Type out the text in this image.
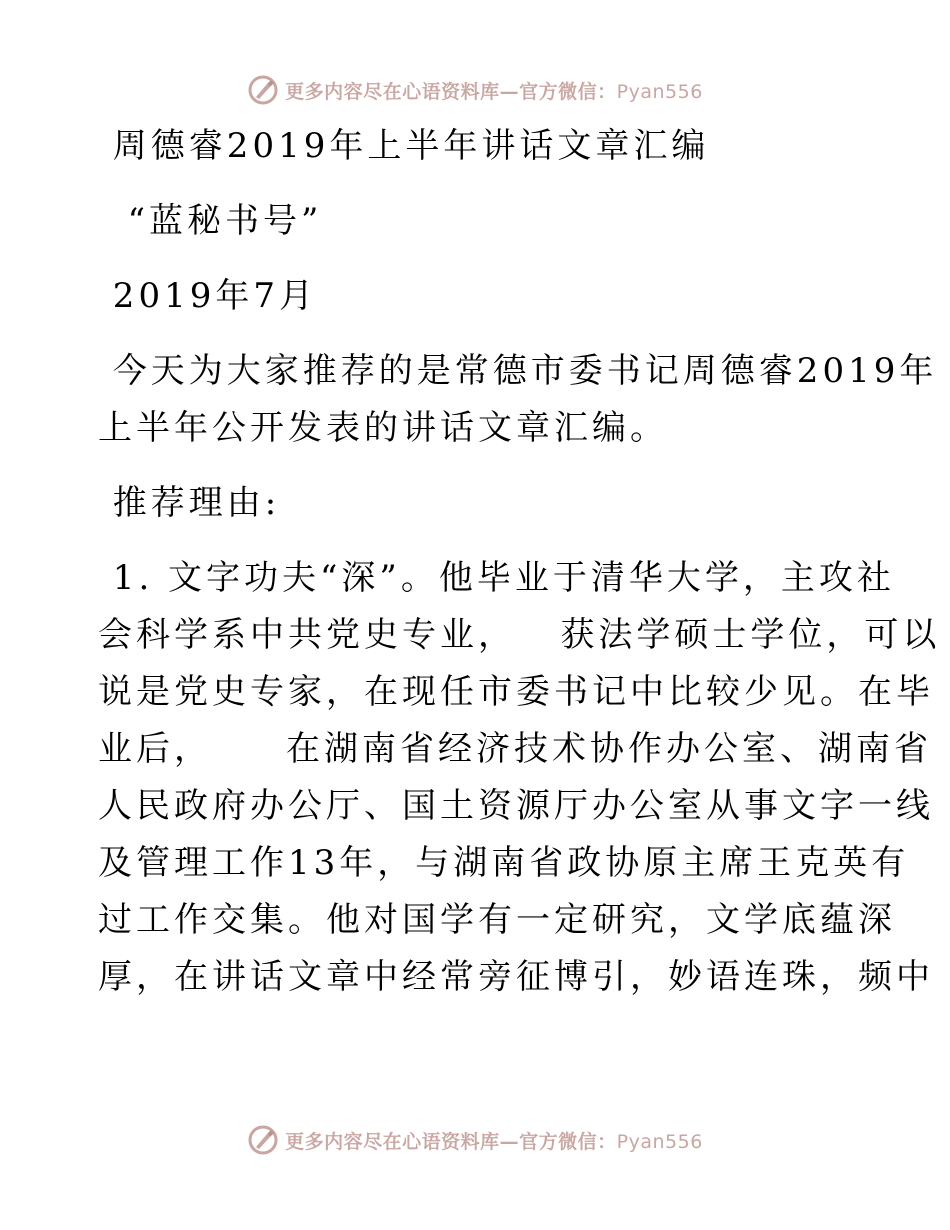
更多内容尽在心语资料库—官方微信：Pyan556
周德睿2019年上半年讲话文章汇编
“蓝秘书号”
2019年7月
今天为大家推荐的是常德市委书记周德睿2019年
上半年公开发表的讲话文章汇编。
推荐理由:
1. 文字功夫“深”。他毕业于清华大学，主攻社
会科学系中共党史专业，   获法学硕士学位，可以
说是党史专家，在现任市委书记中比较少见。在毕
业后，     在湖南省经济技术协作办公室、湖南省
人民政府办公厅、国土资源厅办公室从事文字一线
及管理工作13年，与湖南省政协原主席王克英有
过工作交集。他对国学有一定研究，文学底蕴深
厚，在讲话文章中经常旁征博引，妙语连珠，频中
更多内容尽在心语资料库—官方微信：Pyan556
